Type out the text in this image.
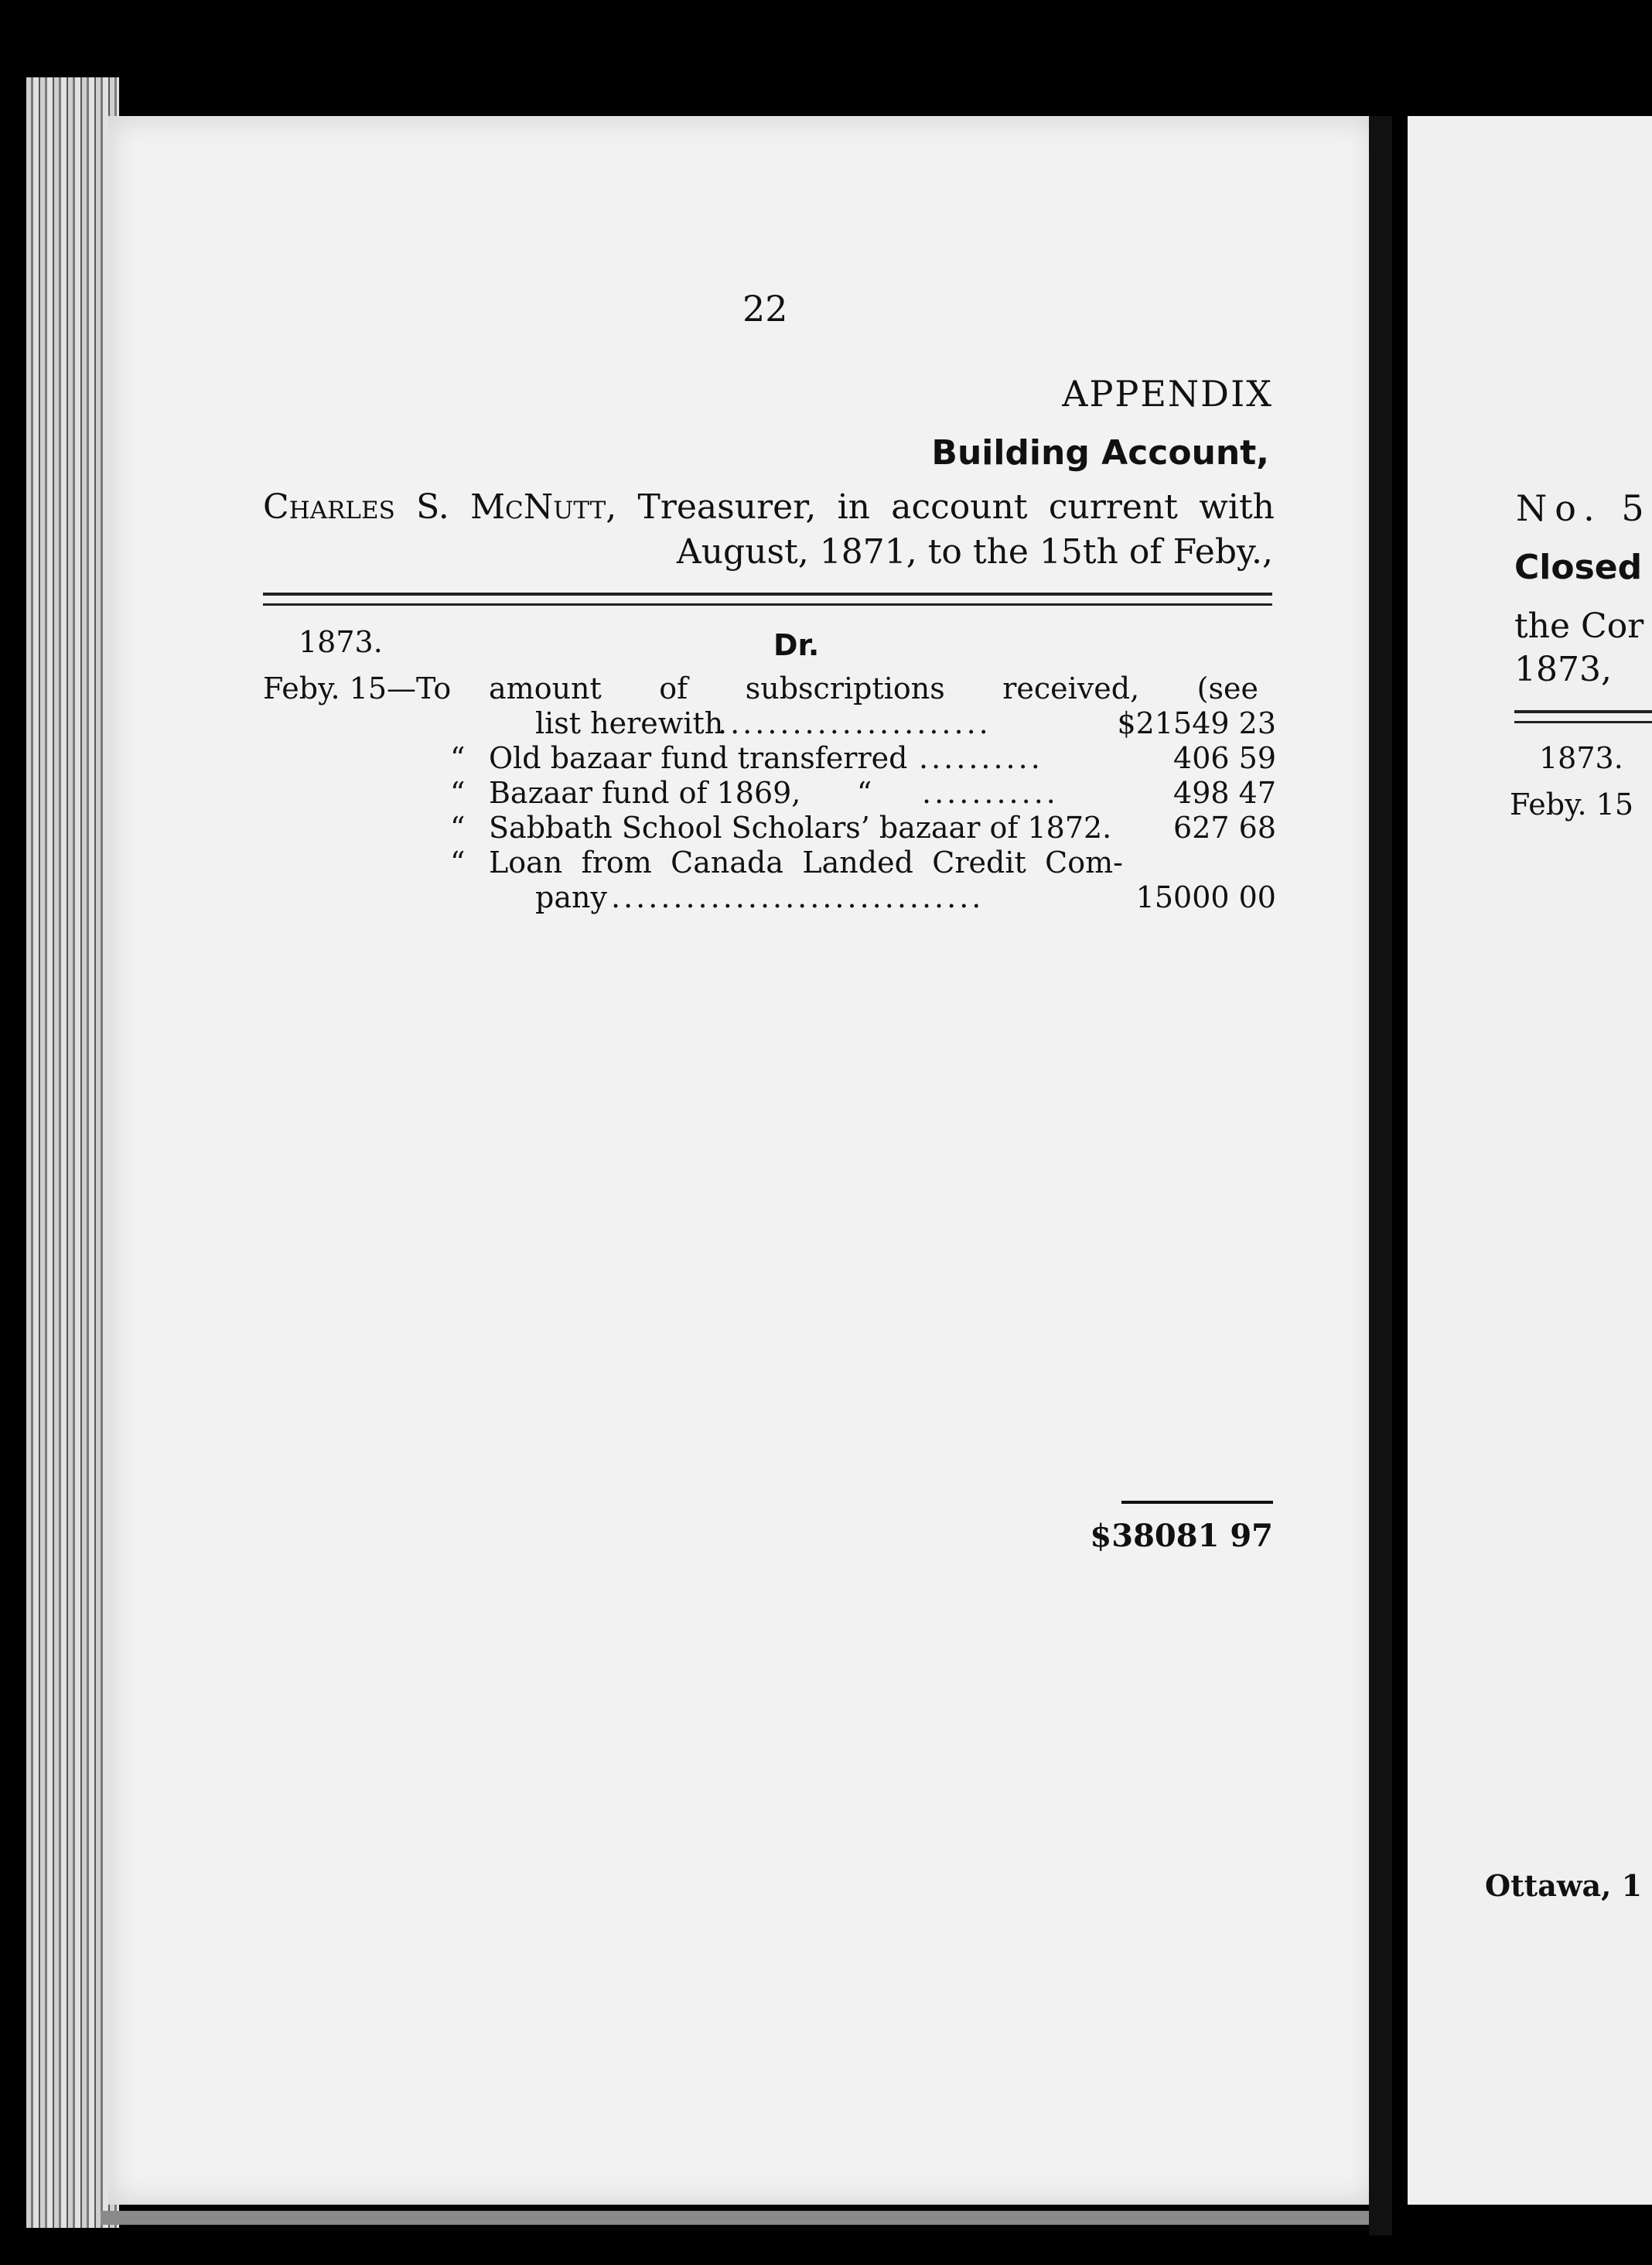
22
APPENDIX
Building Account,
Charles S. McNutt, Treasurer, in account current with
August, 1871, to the 15th of Feby.,
1873.	Dr.
Feby. 15—To amount of subscriptions received, (see
list herewith
......................	$21549 23
“ Old bazaar fund transferred ..........	406 59
“ Bazaar fund of 1869,      “ ...........	498 47
“ Sabbath School Scholars’ bazaar of 1872. 627 68
“ Loan from Canada Landed Credit Com-
pany ..............................	15000 00
$38081 97
No. 5
Closed
the Cor
1873,
1873.
Feby. 15
Ottawa, 1
